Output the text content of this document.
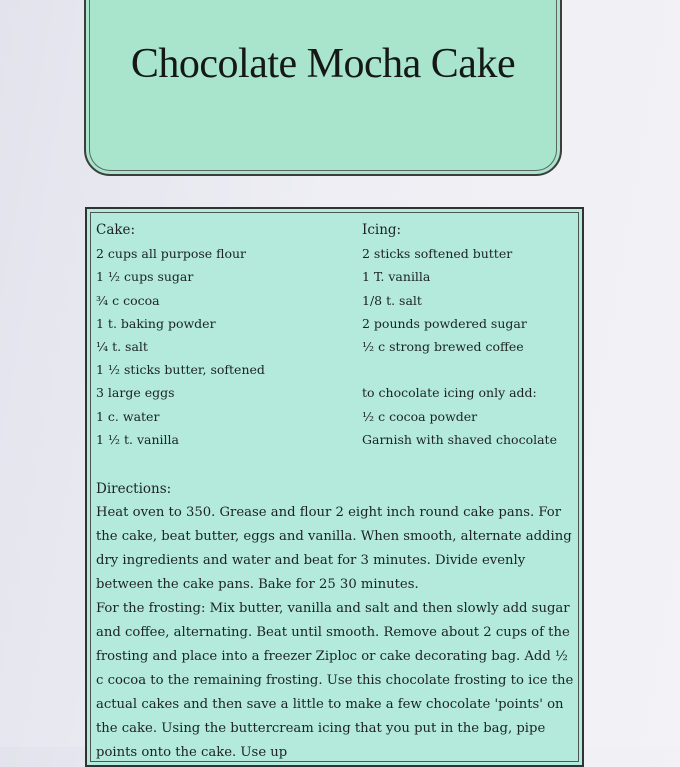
Chocolate Mocha Cake
Cake:
2 cups all purpose flour
1 ½ cups sugar
¾ c cocoa
1 t. baking powder
¼ t. salt
1 ½ sticks butter, softened
3 large eggs
1 c. water
1 ½ t. vanilla
Icing:
2 sticks softened butter
1 T. vanilla
1/8 t. salt
2 pounds powdered sugar
½ c strong brewed coffee
to chocolate icing only add:
½ c cocoa powder
Garnish with shaved chocolate
Directions:

Heat oven to 350. Grease and flour 2 eight inch round cake pans. For the cake, beat butter, eggs and vanilla. When smooth, alternate adding dry ingredients and water and beat for 3 minutes. Divide evenly between the cake pans. Bake for 25 30 minutes.

For the frosting: Mix butter, vanilla and salt and then slowly add sugar and coffee, alternating. Beat until smooth. Remove about 2 cups of the frosting and place into a freezer Ziploc or cake decorating bag. Add ½ c cocoa to the remaining frosting. Use this chocolate frosting to ice the actual cakes and then save a little to make a few chocolate 'points' on the cake. Using the buttercream icing that you put in the bag, pipe points onto the cake. Use up
